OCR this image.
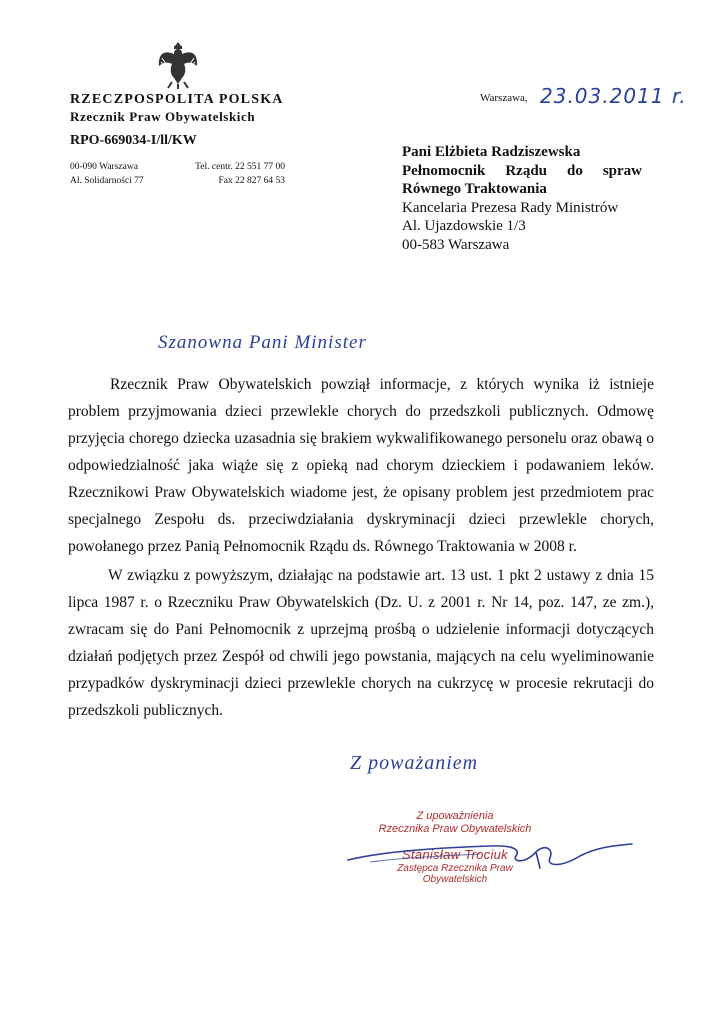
RZECZPOSPOLITA POLSKA
Rzecznik Praw Obywatelskich
RPO-669034-I/ll/KW
00-090 Warszawa
Al. Solidarności 77
Tel. centr. 22 551 77 00
Fax 22 827 64 53
Warszawa, 23.03.2011 r.
Pani Elżbieta Radziszewska
Pełnomocnik Rządu do spraw
Równego Traktowania
Kancelaria Prezesa Rady Ministrów
Al. Ujazdowskie 1/3
00-583 Warszawa
Szanowna Pani Minister

Rzecznik Praw Obywatelskich powziął informacje, z których wynika iż istnieje problem przyjmowania dzieci przewlekle chorych do przedszkoli publicznych. Odmowę przyjęcia chorego dziecka uzasadnia się brakiem wykwalifikowanego personelu oraz obawą o odpowiedzialność jaka wiąże się z opieką nad chorym dzieckiem i podawaniem leków. Rzecznikowi Praw Obywatelskich wiadome jest, że opisany problem jest przedmiotem prac specjalnego Zespołu ds. przeciwdziałania dyskryminacji dzieci przewlekle chorych, powołanego przez Panią Pełnomocnik Rządu ds. Równego Traktowania w 2008 r.

W związku z powyższym, działając na podstawie art. 13 ust. 1 pkt 2 ustawy z dnia 15 lipca 1987 r. o Rzeczniku Praw Obywatelskich (Dz. U. z 2001 r. Nr 14, poz. 147, ze zm.), zwracam się do Pani Pełnomocnik z uprzejmą prośbą o udzielenie informacji dotyczących działań podjętych przez Zespół od chwili jego powstania, mających na celu wyeliminowanie przypadków dyskryminacji dzieci przewlekle chorych na cukrzycę w procesie rekrutacji do przedszkoli publicznych.

Z poważaniem
Z upoważnienia
Rzecznika Praw Obywatelskich
Stanisław Trociuk
Zastępca Rzecznika Praw Obywatelskich
